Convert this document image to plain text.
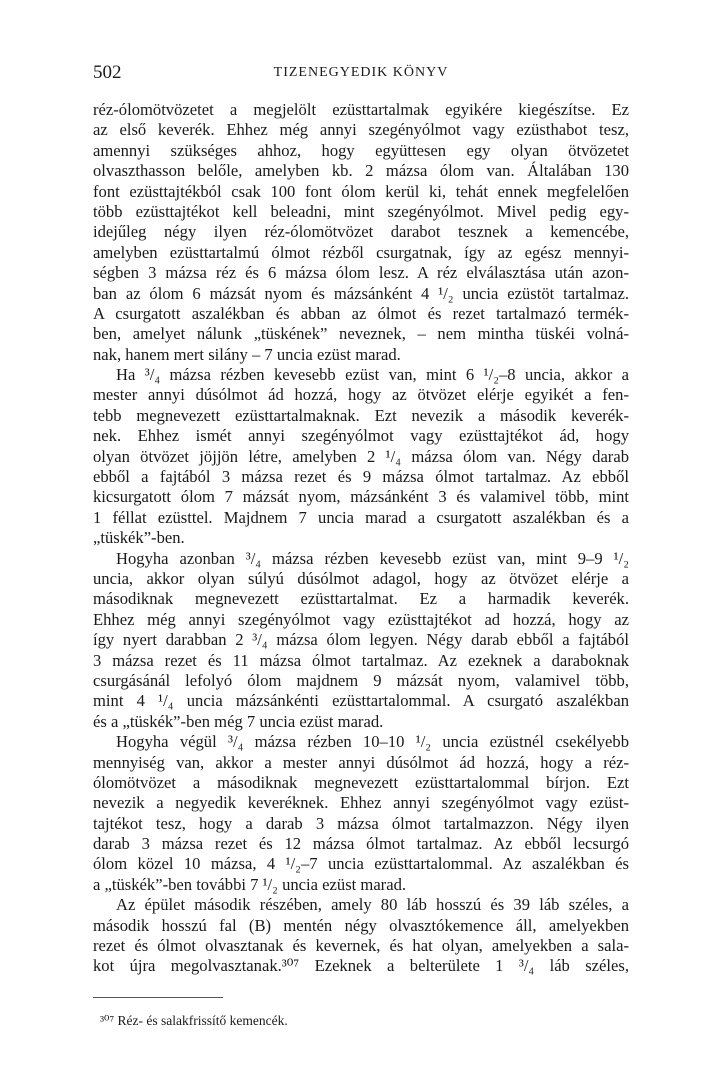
502	TIZENEGYEDIK KÖNYV
réz-ólomötvözetet a megjelölt ezüsttartalmak egyikére kiegészítse. Ez
az első keverék. Ehhez még annyi szegényólmot vagy ezüsthabot tesz,
amennyi szükséges ahhoz, hogy együttesen egy olyan ötvözetet
olvaszthasson belőle, amelyben kb. 2 mázsa ólom van. Általában 130
font ezüsttajtékból csak 100 font ólom kerül ki, tehát ennek megfelelően
több ezüsttajtékot kell beleadni, mint szegényólmot. Mivel pedig egy-
idejűleg négy ilyen réz-ólomötvözet darabot tesznek a kemencébe,
amelyben ezüsttartalmú ólmot rézből csurgatnak, így az egész mennyi-
ségben 3 mázsa réz és 6 mázsa ólom lesz. A réz elválasztása után azon-
ban az ólom 6 mázsát nyom és mázsánként 4 ¹/₂ uncia ezüstöt tartalmaz.
A csurgatott aszalékban és abban az ólmot és rezet tartalmazó termék-
ben, amelyet nálunk „tüskének” neveznek, – nem mintha tüskéi volná-
nak, hanem mert silány – 7 uncia ezüst marad.
Ha ³/₄ mázsa rézben kevesebb ezüst van, mint 6 ¹/₂–8 uncia, akkor a
mester annyi dúsólmot ád hozzá, hogy az ötvözet elérje egyikét a fen-
tebb megnevezett ezüsttartalmaknak. Ezt nevezik a második keverék-
nek. Ehhez ismét annyi szegényólmot vagy ezüsttajtékot ád, hogy
olyan ötvözet jöjjön létre, amelyben 2 ¹/₄ mázsa ólom van. Négy darab
ebből a fajtából 3 mázsa rezet és 9 mázsa ólmot tartalmaz. Az ebből
kicsurgatott ólom 7 mázsát nyom, mázsánként 3 és valamivel több, mint
1 féllat ezüsttel. Majdnem 7 uncia marad a csurgatott aszalékban és a
„tüskék”-ben.
Hogyha azonban ³/₄ mázsa rézben kevesebb ezüst van, mint 9–9 ¹/₂
uncia, akkor olyan súlyú dúsólmot adagol, hogy az ötvözet elérje a
másodiknak megnevezett ezüsttartalmat. Ez a harmadik keverék.
Ehhez még annyi szegényólmot vagy ezüsttajtékot ad hozzá, hogy az
így nyert darabban 2 ³/₄ mázsa ólom legyen. Négy darab ebből a fajtából
3 mázsa rezet és 11 mázsa ólmot tartalmaz. Az ezeknek a daraboknak
csurgásánál lefolyó ólom majdnem 9 mázsát nyom, valamivel több,
mint 4 ¹/₄ uncia mázsánkénti ezüsttartalommal. A csurgató aszalékban
és a „tüskék”-ben még 7 uncia ezüst marad.
Hogyha végül ³/₄ mázsa rézben 10–10 ¹/₂ uncia ezüstnél csekélyebb
mennyiség van, akkor a mester annyi dúsólmot ád hozzá, hogy a réz-
ólomötvözet a másodiknak megnevezett ezüsttartalommal bírjon. Ezt
nevezik a negyedik keveréknek. Ehhez annyi szegényólmot vagy ezüst-
tajtékot tesz, hogy a darab 3 mázsa ólmot tartalmazzon. Négy ilyen
darab 3 mázsa rezet és 12 mázsa ólmot tartalmaz. Az ebből lecsurgó
ólom közel 10 mázsa, 4 ¹/₂–7 uncia ezüsttartalommal. Az aszalékban és
a „tüskék”-ben további 7 ¹/₂ uncia ezüst marad.
Az épület második részében, amely 80 láb hosszú és 39 láb széles, a
második hosszú fal (B) mentén négy olvasztókemence áll, amelyekben
rezet és ólmot olvasztanak és kevernek, és hat olyan, amelyekben a sala-
kot újra megolvasztanak.³⁰⁷ Ezeknek a belterülete 1 ³/₄ láb széles,
³⁰⁷ Réz- és salakfrissítő kemencék.
